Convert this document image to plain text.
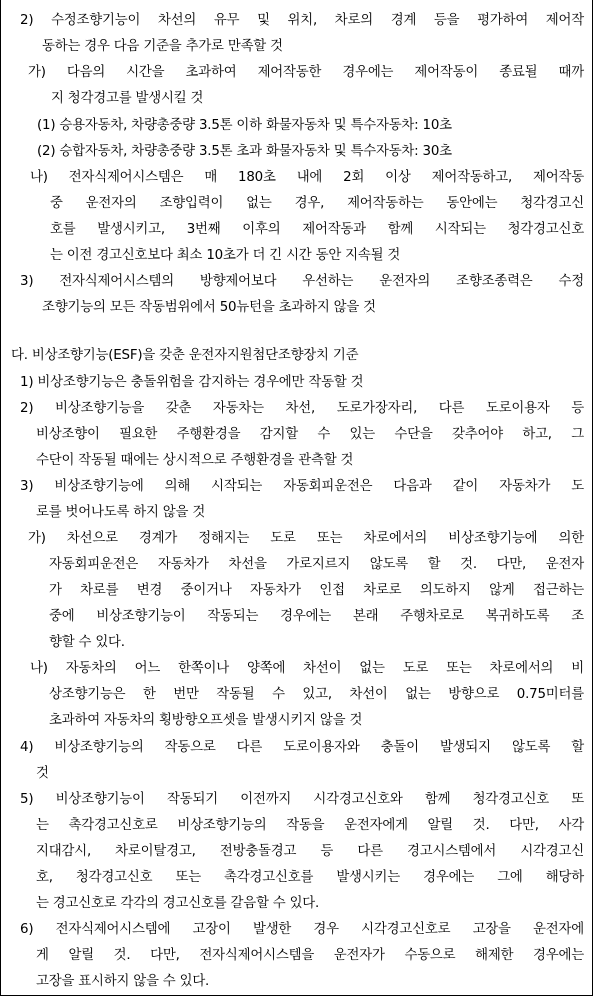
2) 수정조향기능이 차선의 유무 및 위치, 차로의 경계 등을 평가하여 제어작
동하는 경우 다음 기준을 추가로 만족할 것
가) 다음의 시간을 초과하여 제어작동한 경우에는 제어작동이 종료될 때까
지 청각경고를 발생시킬 것
(1) 승용자동차, 차량총중량 3.5톤 이하 화물자동차 및 특수자동차: 10초
(2) 승합자동차, 차량총중량 3.5톤 초과 화물자동차 및 특수자동차: 30초
나) 전자식제어시스템은 매 180초 내에 2회 이상 제어작동하고, 제어작동
중 운전자의 조향입력이 없는 경우, 제어작동하는 동안에는 청각경고신
호를 발생시키고, 3번째 이후의 제어작동과 함께 시작되는 청각경고신호
는 이전 경고신호보다 최소 10초가 더 긴 시간 동안 지속될 것
3) 전자식제어시스템의 방향제어보다 우선하는 운전자의 조향조종력은 수정
조향기능의 모든 작동범위에서 50뉴턴을 초과하지 않을 것
다. 비상조향기능(ESF)을 갖춘 운전자지원첨단조향장치 기준
1) 비상조향기능은 충돌위험을 감지하는 경우에만 작동할 것
2) 비상조향기능을 갖춘 자동차는 차선, 도로가장자리, 다른 도로이용자 등
비상조향이 필요한 주행환경을 감지할 수 있는 수단을 갖추어야 하고, 그
수단이 작동될 때에는 상시적으로 주행환경을 관측할 것
3) 비상조향기능에 의해 시작되는 자동회피운전은 다음과 같이 자동차가 도
로를 벗어나도록 하지 않을 것
가) 차선으로 경계가 정해지는 도로 또는 차로에서의 비상조향기능에 의한
자동회피운전은 자동차가 차선을 가로지르지 않도록 할 것. 다만, 운전자
가 차로를 변경 중이거나 자동차가 인접 차로로 의도하지 않게 접근하는
중에 비상조향기능이 작동되는 경우에는 본래 주행차로로 복귀하도록 조
향할 수 있다.
나) 자동차의 어느 한쪽이나 양쪽에 차선이 없는 도로 또는 차로에서의 비
상조향기능은 한 번만 작동될 수 있고, 차선이 없는 방향으로 0.75미터를
초과하여 자동차의 횡방향오프셋을 발생시키지 않을 것
4) 비상조향기능의 작동으로 다른 도로이용자와 충돌이 발생되지 않도록 할
것
5) 비상조향기능이 작동되기 이전까지 시각경고신호와 함께 청각경고신호 또
는 촉각경고신호로 비상조향기능의 작동을 운전자에게 알릴 것. 다만, 사각
지대감시, 차로이탈경고, 전방충돌경고 등 다른 경고시스템에서 시각경고신
호, 청각경고신호 또는 촉각경고신호를 발생시키는 경우에는 그에 해당하
는 경고신호로 각각의 경고신호를 갈음할 수 있다.
6) 전자식제어시스템에 고장이 발생한 경우 시각경고신호로 고장을 운전자에
게 알릴 것. 다만, 전자식제어시스템을 운전자가 수동으로 해제한 경우에는
고장을 표시하지 않을 수 있다.
